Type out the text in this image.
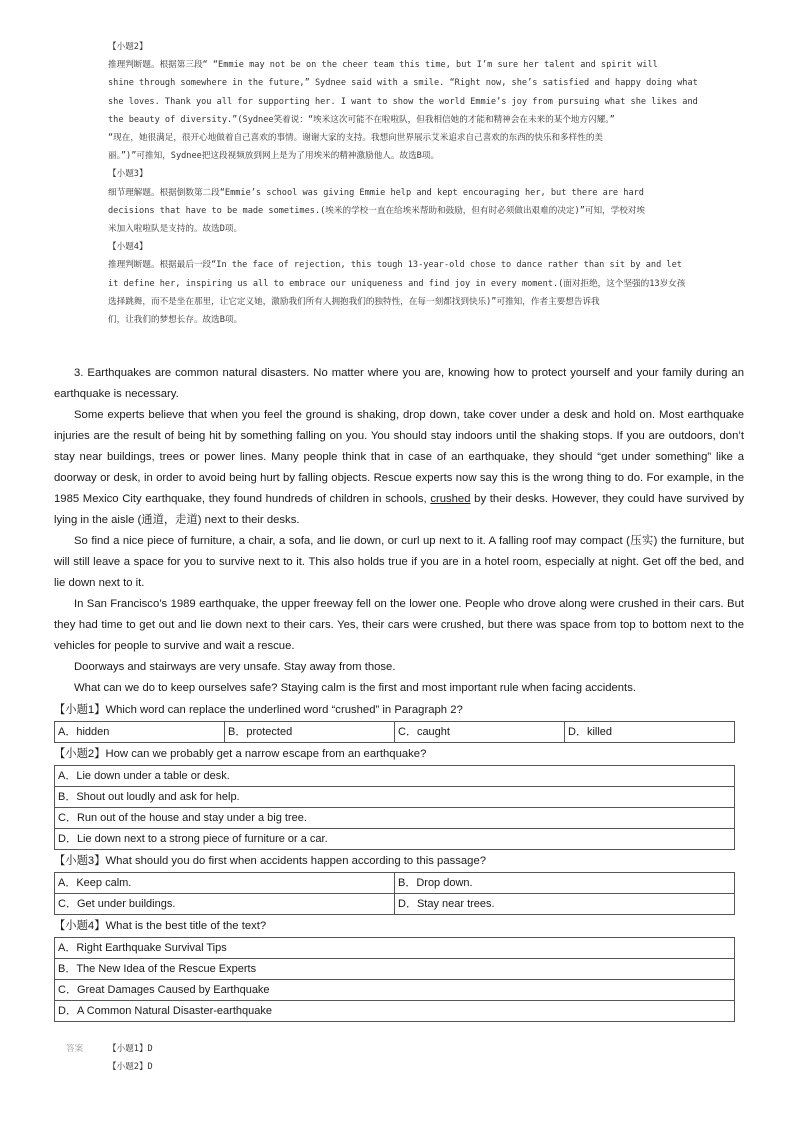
【小题2】
推理判断题。根据第三段“ “Emmie may not be on the cheer team this time, but I’m sure her talent and spirit will
shine through somewhere in the future,” Sydnee said with a smile. “Right now, she’s satisfied and happy doing what
she loves. Thank you all for supporting her. I want to show the world Emmie’s joy from pursuing what she likes and
the beauty of diversity.”(Sydnee笑着说：“埃米这次可能不在啦啦队，但我相信她的才能和精神会在未来的某个地方闪耀。”
“现在，她很满足，很开心地做着自己喜欢的事情。谢谢大家的支持。我想向世界展示艾米追求自己喜欢的东西的快乐和多样性的美
丽。”)”可推知，Sydnee把这段视频放到网上是为了用埃米的精神激励他人。故选B项。
【小题3】
细节理解题。根据倒数第二段“Emmie’s school was giving Emmie help and kept encouraging her, but there are hard
decisions that have to be made sometimes.(埃米的学校一直在给埃米帮助和鼓励，但有时必须做出艰难的决定)”可知，学校对埃
米加入啦啦队是支持的。故选D项。
【小题4】
推理判断题。根据最后一段“In the face of rejection, this tough 13-year-old chose to dance rather than sit by and let
it define her, inspiring us all to embrace our uniqueness and find joy in every moment.(面对拒绝，这个坚强的13岁女孩
选择跳舞，而不是坐在那里，让它定义她，激励我们所有人拥抱我们的独特性，在每一刻都找到快乐)”可推知，作者主要想告诉我
们，让我们的梦想长存。故选B项。

3. Earthquakes are common natural disasters. No matter where you are, knowing how to protect yourself and your family during an earthquake is necessary.

Some experts believe that when you feel the ground is shaking, drop down, take cover under a desk and hold on. Most earthquake injuries are the result of being hit by something falling on you. You should stay indoors until the shaking stops. If you are outdoors, don’t stay near buildings, trees or power lines. Many people think that in case of an earthquake, they should “get under something” like a doorway or desk, in order to avoid being hurt by falling objects. Rescue experts now say this is the wrong thing to do. For example, in the 1985 Mexico City earthquake, they found hundreds of children in schools, crushed by their desks. However, they could have survived by lying in the aisle (通道，走道) next to their desks.

So find a nice piece of furniture, a chair, a sofa, and lie down, or curl up next to it. A falling roof may compact (压实) the furniture, but will still leave a space for you to survive next to it. This also holds true if you are in a hotel room, especially at night. Get off the bed, and lie down next to it.

In San Francisco’s 1989 earthquake, the upper freeway fell on the lower one. People who drove along were crushed in their cars. But they had time to get out and lie down next to their cars. Yes, their cars were crushed, but there was space from top to bottom next to the vehicles for people to survive and wait a rescue.

Doorways and stairways are very unsafe. Stay away from those.

What can we do to keep ourselves safe? Staying calm is the first and most important rule when facing accidents.

【小题1】Which word can replace the underlined word “crushed” in Paragraph 2?

A．hidden	B．protected	C．caught	D．killed

【小题2】How can we probably get a narrow escape from an earthquake?

A．Lie down under a table or desk.
B．Shout out loudly and ask for help.
C．Run out of the house and stay under a big tree.
D．Lie down next to a strong piece of furniture or a car.

【小题3】What should you do first when accidents happen according to this passage?

A．Keep calm.	B．Drop down.
C．Get under buildings.	D．Stay near trees.

【小题4】What is the best title of the text?

A．Right Earthquake Survival Tips
B．The New Idea of the Rescue Experts
C．Great Damages Caused by Earthquake
D．A Common Natural Disaster-earthquake
答案	【小题1】D
【小题2】D
